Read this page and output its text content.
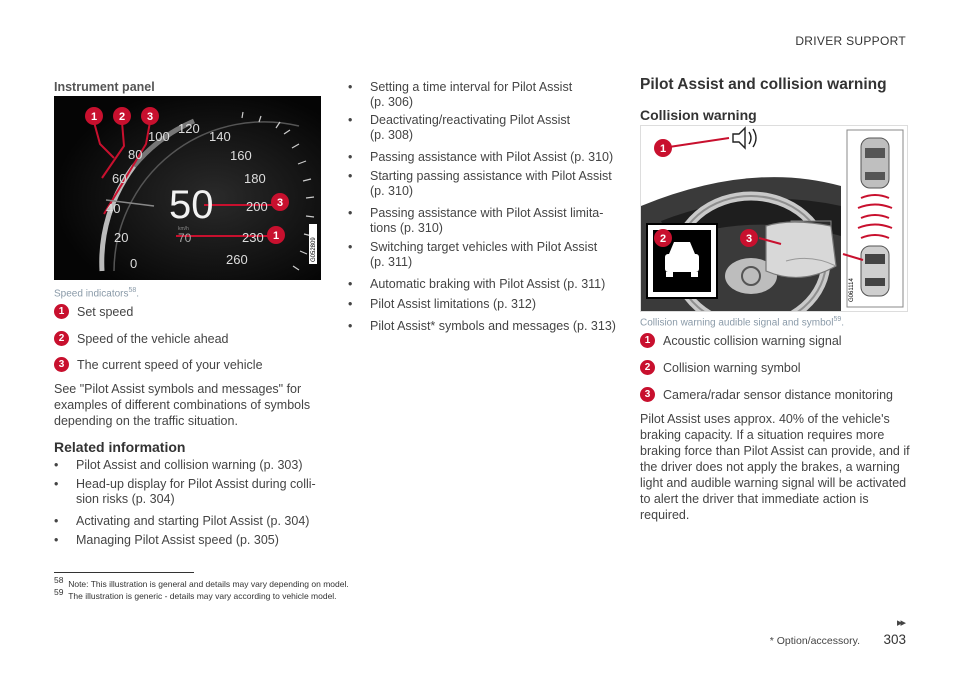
DRIVER SUPPORT
Instrument panel
0
20
40
60
80
100
120
140
160
180
200
230
260
50
km/h
70
1 2 3
3
1
G052809
Speed indicators$^{58}$.
1	Set speed
2	Speed of the vehicle ahead
3	The current speed of your vehicle
See "Pilot Assist symbols and messages" for examples of different combinations of symbols depending on the traffic situation.
Related information
•	Pilot Assist and collision warning (p. 303)
•	Head-up display for Pilot Assist during colli-
sion risks (p. 304)
•	Activating and starting Pilot Assist (p. 304)
•	Managing Pilot Assist speed (p. 305)
•	Setting a time interval for Pilot Assist
(p. 306)
•	Deactivating/reactivating Pilot Assist
(p. 308)
•	Passing assistance with Pilot Assist (p. 310)
•	Starting passing assistance with Pilot Assist
(p. 310)
•	Passing assistance with Pilot Assist limita-
tions (p. 310)
•	Switching target vehicles with Pilot Assist
(p. 311)
•	Automatic braking with Pilot Assist (p. 311)
•	Pilot Assist limitations (p. 312)
•	Pilot Assist* symbols and messages (p. 313)
Pilot Assist and collision warning
Collision warning
1
2	3
G061114
Collision warning audible signal and symbol$^{59}$.
1	Acoustic collision warning signal
2	Collision warning symbol
3	Camera/radar sensor distance monitoring
Pilot Assist uses approx. 40% of the vehicle's
braking capacity. If a situation requires more
braking force than Pilot Assist can provide, and if
the driver does not apply the brakes, a warning
light and audible warning signal will be activated
to alert the driver that immediate action is
required.
$^{58}$ Note: This illustration is general and details may vary depending on model.
$^{59}$ The illustration is generic - details may vary according to vehicle model.
▸▸
* Option/accessory. 303
